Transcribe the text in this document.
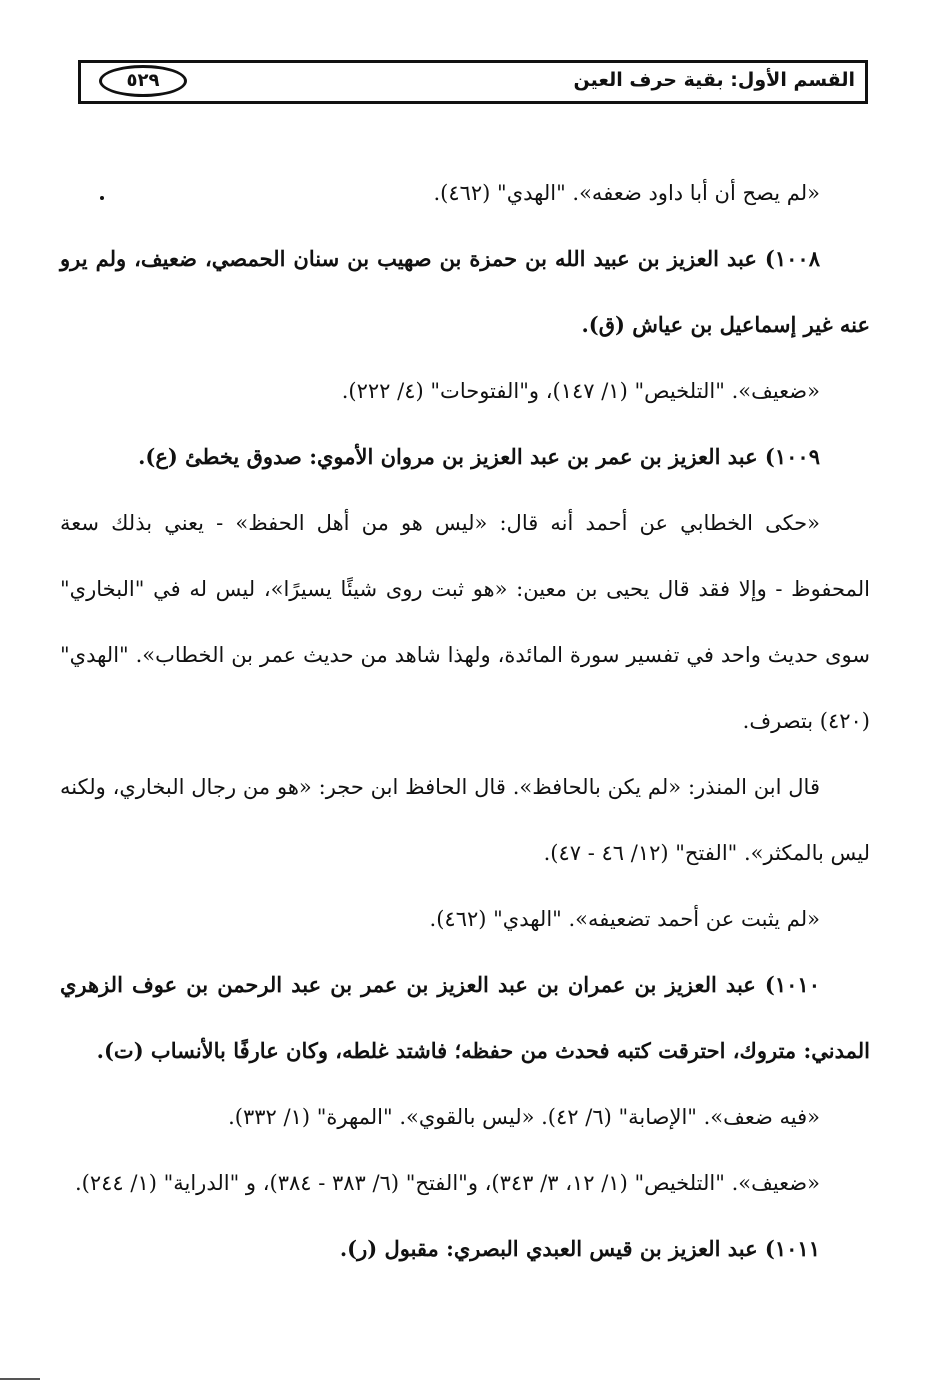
القسم الأول: بقية حرف العين
٥٢٩

«لم يصح أن أبا داود ضعفه». "الهدي" (٤٦٢).

١٠٠٨) عبد العزيز بن عبيد الله بن حمزة بن صهيب بن سنان الحمصي، ضعيف، ولم يرو عنه غير إسماعيل بن عياش (ق).

«ضعيف». "التلخيص" (١/ ١٤٧)، و"الفتوحات" (٤/ ٢٢٢).

١٠٠٩) عبد العزيز بن عمر بن عبد العزيز بن مروان الأموي: صدوق يخطئ (ع).

«حكى الخطابي عن أحمد أنه قال: «ليس هو من أهل الحفظ» - يعني بذلك سعة المحفوظ - وإلا فقد قال يحيى بن معين: «هو ثبت روى شيئًا يسيرًا»، ليس له في "البخاري" سوى حديث واحد في تفسير سورة المائدة، ولهذا شاهد من حديث عمر بن الخطاب». "الهدي" (٤٢٠) بتصرف.

قال ابن المنذر: «لم يكن بالحافظ». قال الحافظ ابن حجر: «هو من رجال البخاري، ولكنه ليس بالمكثر». "الفتح" (١٢/ ٤٦ - ٤٧).

«لم يثبت عن أحمد تضعيفه». "الهدي" (٤٦٢).

١٠١٠) عبد العزيز بن عمران بن عبد العزيز بن عمر بن عبد الرحمن بن عوف الزهري المدني: متروك، احترقت كتبه فحدث من حفظه؛ فاشتد غلطه، وكان عارفًا بالأنساب (ت).

«فيه ضعف». "الإصابة" (٦/ ٤٢). «ليس بالقوي». "المهرة" (١/ ٣٣٢).

«ضعيف». "التلخيص" (١/ ١٢، ٣/ ٣٤٣)، و"الفتح" (٦/ ٣٨٣ - ٣٨٤)، و "الدراية" (١/ ٢٤٤).

١٠١١) عبد العزيز بن قيس العبدي البصري: مقبول (ر).
